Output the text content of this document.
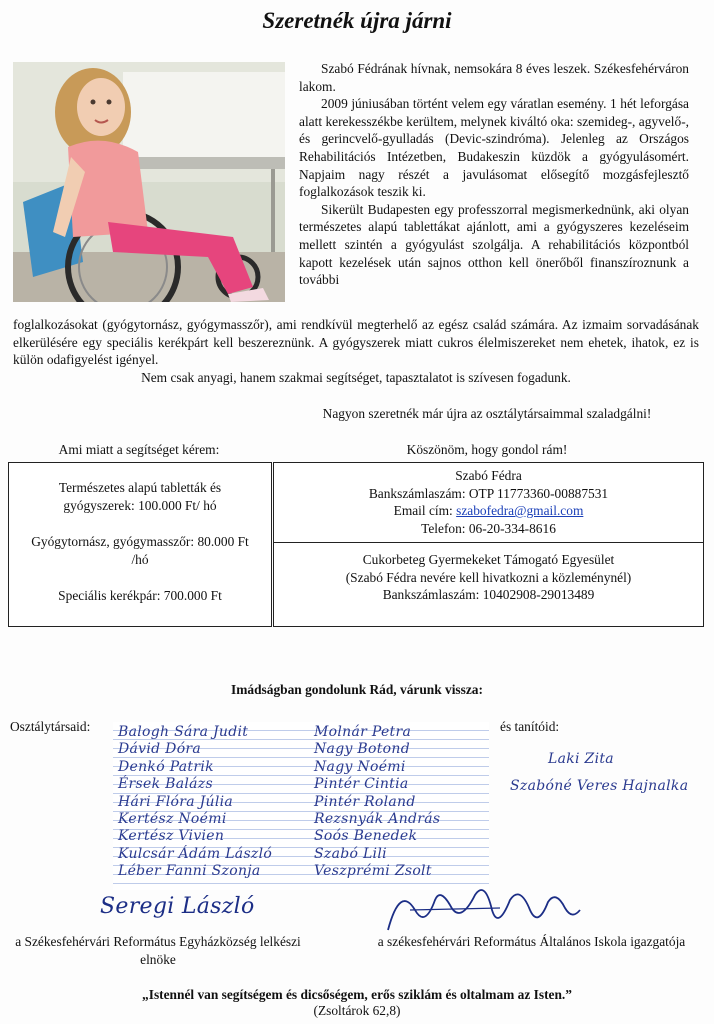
Szeretnék újra járni

Szabó Fédrának hívnak, nemsokára 8 éves leszek. Székesfehérváron lakom.

2009 júniusában történt velem egy váratlan esemény. 1 hét leforgása alatt kerekesszékbe kerültem, melynek kiváltó oka: szemideg-, agyvelő-, és gerincvelő-gyulladás (Devic-szindróma). Jelenleg az Országos Rehabilitációs Intézetben, Budakeszin küzdök a gyógyulásomért. Napjaim nagy részét a javulásomat elősegítő mozgásfejlesztő foglalkozások teszik ki.

Sikerült Budapesten egy professzorral megismerkednünk, aki olyan természetes alapú tablettákat ajánlott, ami a gyógyszeres kezeléseim mellett szintén a gyógyulást szolgálja. A rehabilitációs központból kapott kezelések után sajnos otthon kell önerőből finanszíroznunk a további

foglalkozásokat (gyógytornász, gyógymasszőr), ami rendkívül megterhelő az egész család számára. Az izmaim sorvadásának elkerülésére egy speciális kerékpárt kell beszereznünk. A gyógyszerek miatt cukros élelmiszereket nem ehetek, ihatok, ez is külön odafigyelést igényel.

Nem csak anyagi, hanem szakmai segítséget, tapasztalatot is szívesen fogadunk.

Nagyon szeretnék már újra az osztálytársaimmal szaladgálni!
Ami miatt a segítséget kérem:	Köszönöm, hogy gondol rám!

Természetes alapú tabletták és gyógyszerek: 100.000 Ft/ hó

Gyógytornász, gyógymasszőr: 80.000 Ft /hó

Speciális kerékpár: 700.000 Ft

Szabó Fédra
Bankszámlaszám: OTP 11773360-00887531
Email cím: szabofedra@gmail.com
Telefon: 06-20-334-8616
Cukorbeteg Gyermekeket Támogató Egyesület
(Szabó Fédra nevére kell hivatkozni a közleménynél)
Bankszámlaszám: 10402908-29013489
Imádságban gondolunk Rád, várunk vissza:
Osztálytársaid:	és tanítóid:
Balogh Sára Judit
Dávid Dóra
Denkó Patrik
Érsek Balázs
Hári Flóra Júlia
Kertész Noémi
Kertész Vivien
Kulcsár Ádám László
Léber Fanni Szonja
Molnár Petra
Nagy Botond
Nagy Noémi
Pintér Cintia
Pintér Roland
Rezsnyák András
Soós Benedek
Szabó Lili
Veszprémi Zsolt
Laki Zita
Szabóné Veres Hajnalka
Seregi László
a Székesfehérvári Református Egyházközség lelkészi elnöke
a székesfehérvári Református Általános Iskola igazgatója
„Istennél van segítségem és dicsőségem, erős sziklám és oltalmam az Isten.”
(Zsoltárok 62,8)
